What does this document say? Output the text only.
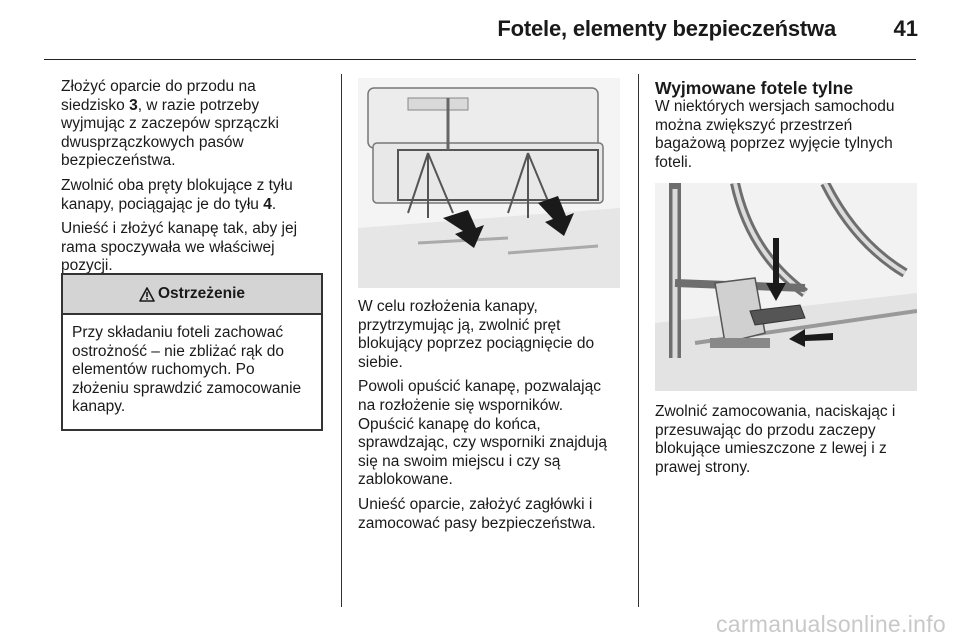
Fotele, elementy bezpieczeństwa	41

Złożyć oparcie do przodu na siedzisko 3, w razie potrzeby wyjmując z zaczepów sprzączki dwusprzączkowych pasów bezpieczeństwa.

Zwolnić oba pręty blokujące z tyłu kanapy, pociągając je do tyłu 4.

Unieść i złożyć kanapę tak, aby jej rama spoczywała we właściwej pozycji.

Ostrzeżenie
Przy składaniu foteli zachować ostrożność – nie zbliżać rąk do elementów ruchomych. Po złożeniu sprawdzić zamocowanie kanapy.

W celu rozłożenia kanapy, przytrzymując ją, zwolnić pręt blokujący poprzez pociągnięcie do siebie.

Powoli opuścić kanapę, pozwalając na rozłożenie się wsporników. Opuścić kanapę do końca, sprawdzając, czy wsporniki znajdują się na swoim miejscu i czy są zablokowane.

Unieść oparcie, założyć zagłówki i zamocować pasy bezpieczeństwa.

Wyjmowane fotele tylne

W niektórych wersjach samochodu można zwiększyć przestrzeń bagażową poprzez wyjęcie tylnych foteli.

Zwolnić zamocowania, naciskając i przesuwając do przodu zaczepy blokujące umieszczone z lewej i z prawej strony.

carmanualsonline.info
